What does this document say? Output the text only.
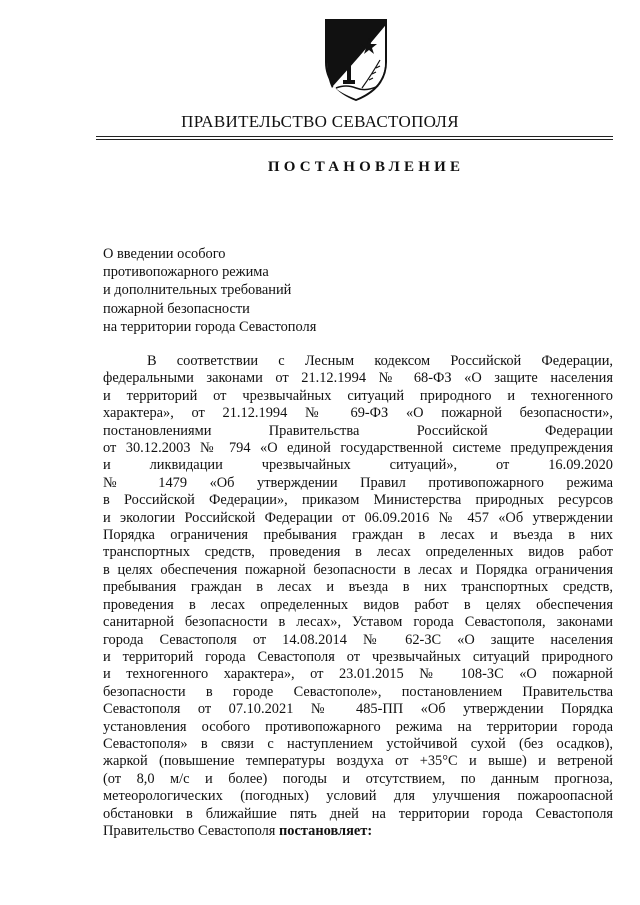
ПРАВИТЕЛЬСТВО СЕВАСТОПОЛЯ
ПОСТАНОВЛЕНИЕ
О введении особого
противопожарного режима
и дополнительных требований
пожарной безопасности
на территории города Севастополя
В соответствии с Лесным кодексом Российской Федерации,
федеральными законами от 21.12.1994 № 68-ФЗ «О защите населения
и территорий от чрезвычайных ситуаций природного и техногенного
характера», от 21.12.1994 № 69-ФЗ «О пожарной безопасности»,
постановлениями Правительства Российской Федерации
от 30.12.2003 № 794 «О единой государственной системе предупреждения
и ликвидации чрезвычайных ситуаций», от 16.09.2020
№ 1479 «Об утверждении Правил противопожарного режима
в Российской Федерации», приказом Министерства природных ресурсов
и экологии Российской Федерации от 06.09.2016 № 457 «Об утверждении
Порядка ограничения пребывания граждан в лесах и въезда в них
транспортных средств, проведения в лесах определенных видов работ
в целях обеспечения пожарной безопасности в лесах и Порядка ограничения
пребывания граждан в лесах и въезда в них транспортных средств,
проведения в лесах определенных видов работ в целях обеспечения
санитарной безопасности в лесах», Уставом города Севастополя, законами
города Севастополя от 14.08.2014 № 62-ЗС «О защите населения
и территорий города Севастополя от чрезвычайных ситуаций природного
и техногенного характера», от 23.01.2015 № 108-ЗС «О пожарной
безопасности в городе Севастополе», постановлением Правительства
Севастополя от 07.10.2021 № 485-ПП «Об утверждении Порядка
установления особого противопожарного режима на территории города
Севастополя» в связи с наступлением устойчивой сухой (без осадков),
жаркой (повышение температуры воздуха от +35°С и выше) и ветреной
(от 8,0 м/с и более) погоды и отсутствием, по данным прогноза,
метеорологических (погодных) условий для улучшения пожароопасной
обстановки в ближайшие пять дней на территории города Севастополя
Правительство Севастополя постановляет:
